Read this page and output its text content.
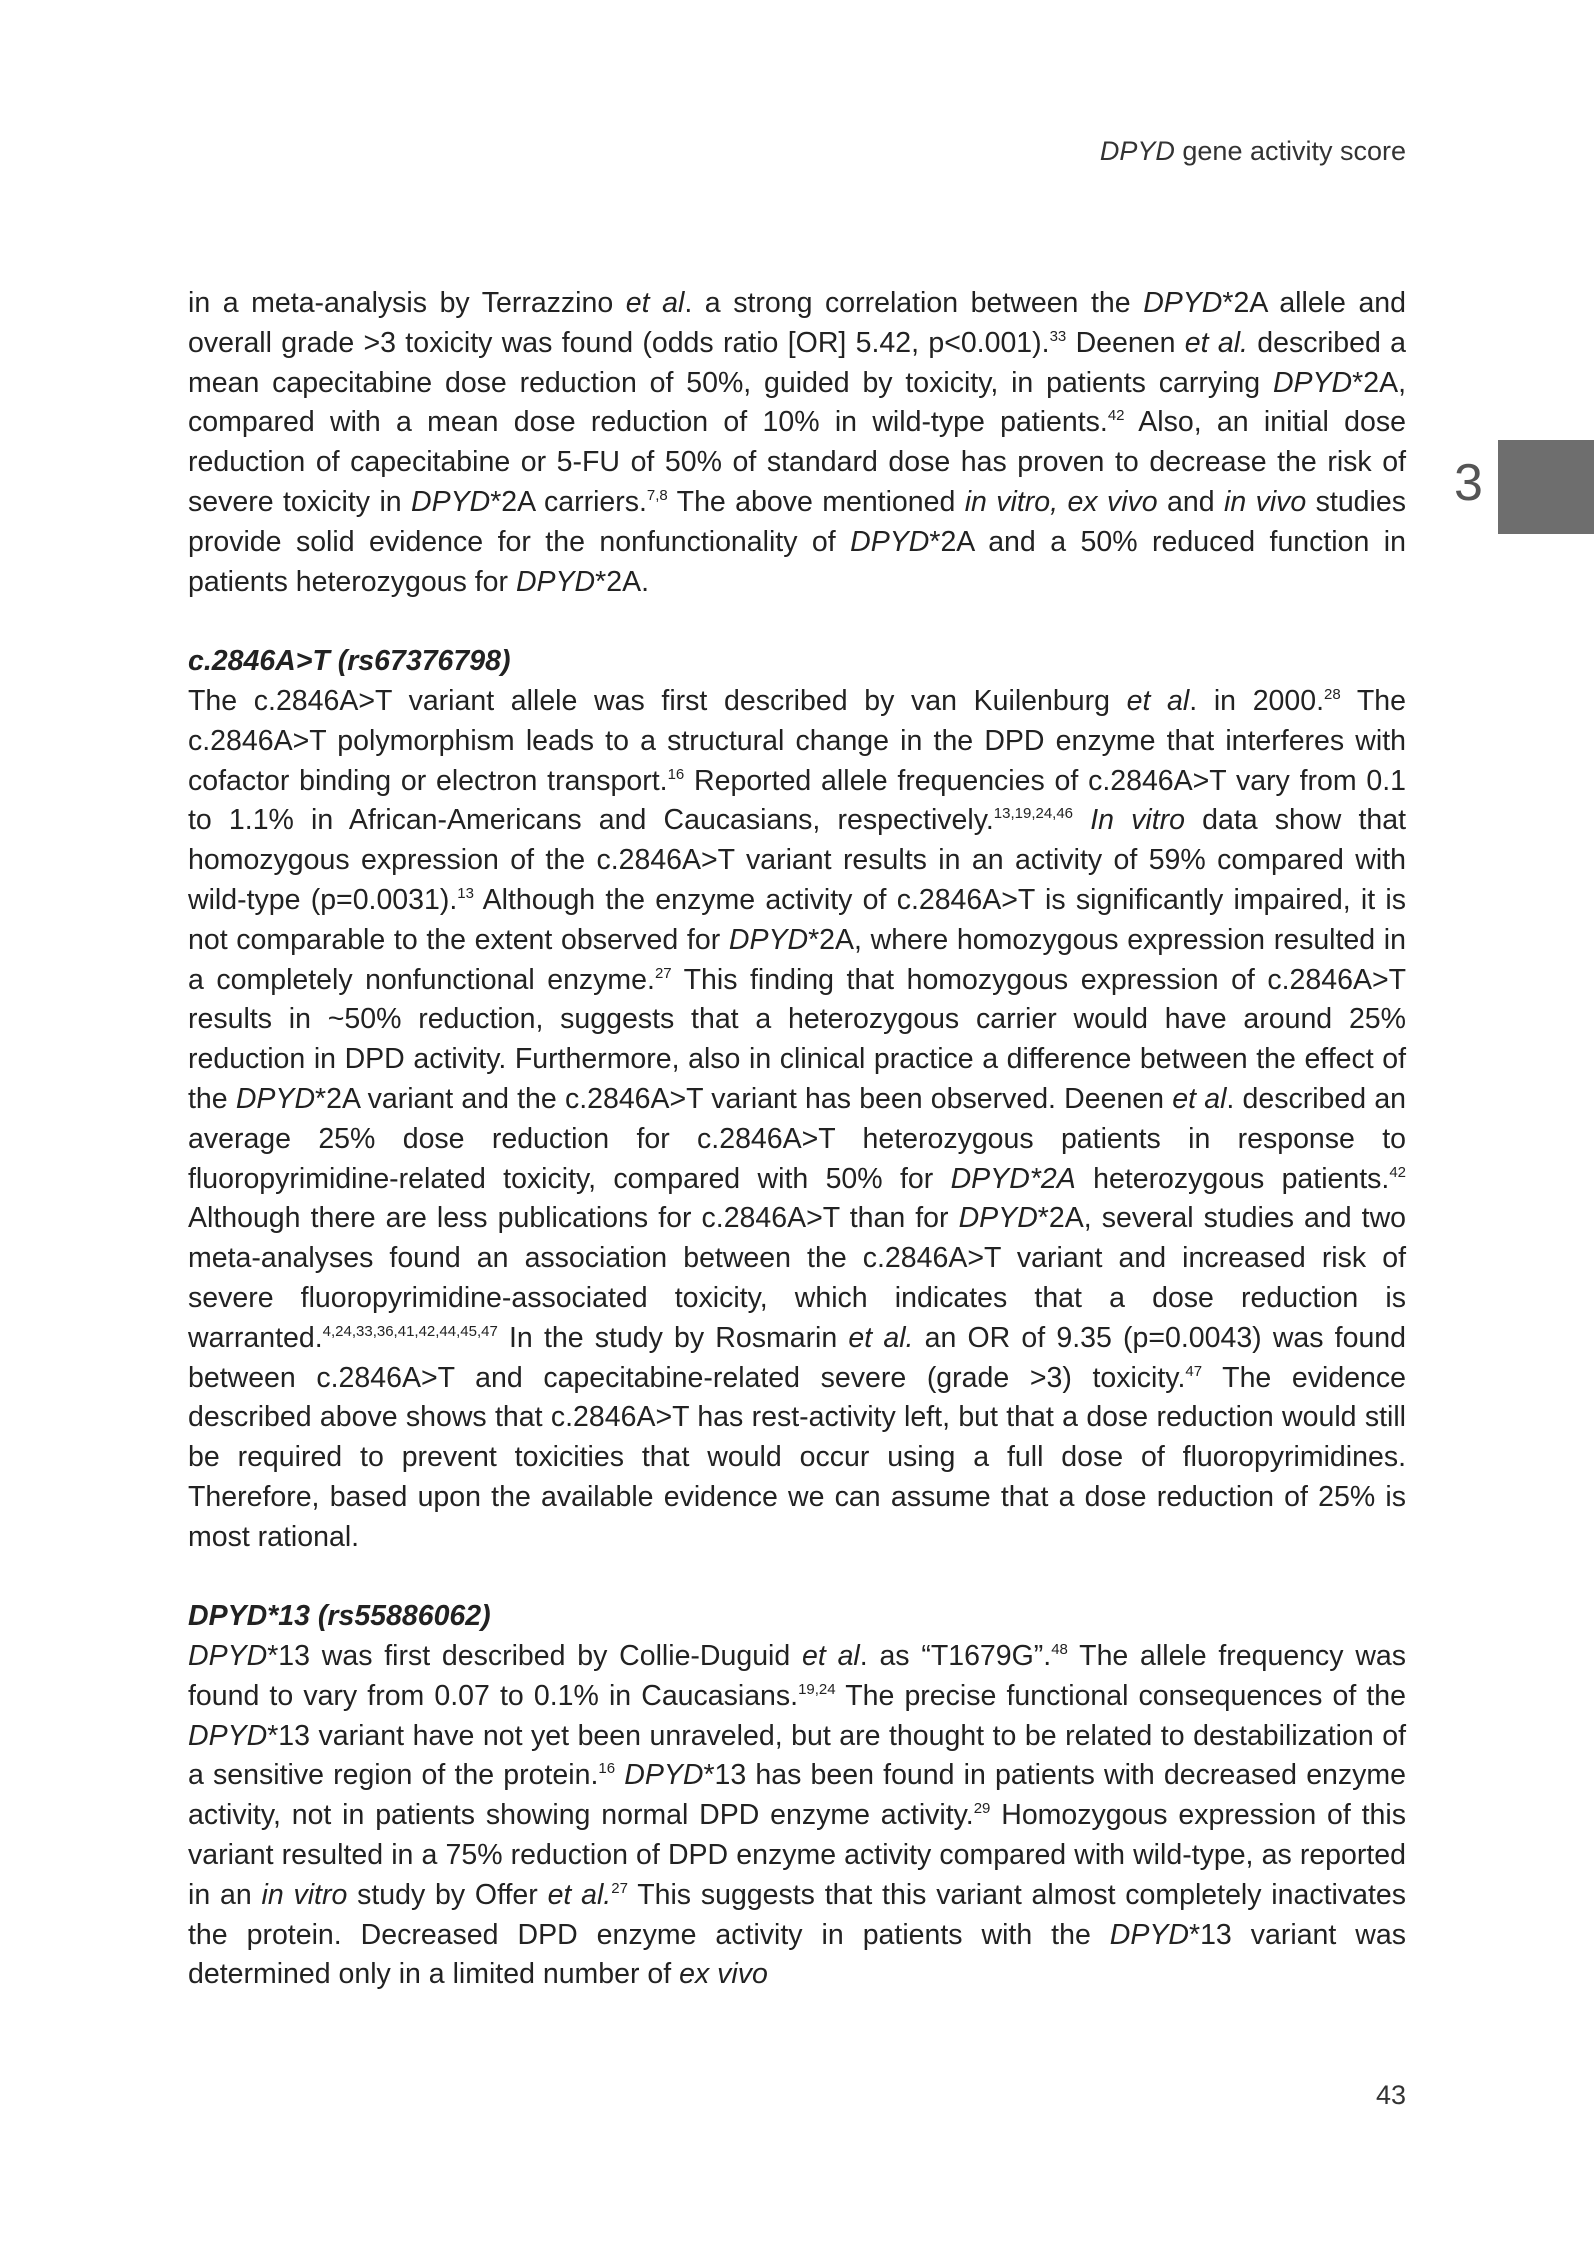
DPYD gene activity score
3

in a meta-analysis by Terrazzino et al. a strong correlation between the DPYD*2A allele and overall grade >3 toxicity was found (odds ratio [OR] 5.42, p<0.001).$^{33}$ Deenen et al. described a mean capecitabine dose reduction of 50%, guided by toxicity, in patients carrying DPYD*2A, compared with a mean dose reduction of 10% in wild-type patients.$^{42}$ Also, an initial dose reduction of capecitabine or 5-FU of 50% of standard dose has proven to decrease the risk of severe toxicity in DPYD*2A carriers.$^{7,8}$ The above mentioned in vitro, ex vivo and in vivo studies provide solid evidence for the nonfunctionality of DPYD*2A and a 50% reduced function in patients heterozygous for DPYD*2A.

c.2846A>T (rs67376798)

The c.2846A>T variant allele was first described by van Kuilenburg et al. in 2000.28 The c.2846A>T polymorphism leads to a structural change in the DPD enzyme that interferes with cofactor binding or electron transport.$^{16}$ Reported allele frequencies of c.2846A>T vary from 0.1 to 1.1% in African-Americans and Caucasians, respectively.$^{13,19,24,46}$ In vitro data show that homozygous expression of the c.2846A>T variant results in an activity of 59% compared with wild-type (p=0.0031).$^{13}$ Although the enzyme activity of c.2846A>T is significantly impaired, it is not comparable to the extent observed for DPYD*2A, where homozygous expression resulted in a completely nonfunctional enzyme.$^{27}$ This finding that homozygous expression of c.2846A>T results in ~50% reduction, suggests that a heterozygous carrier would have around 25% reduction in DPD activity. Furthermore, also in clinical practice a difference between the effect of the DPYD*2A variant and the c.2846A>T variant has been observed. Deenen et al. described an average 25% dose reduction for c.2846A>T heterozygous patients in response to fluoropyrimidine-related toxicity, compared with 50% for DPYD*2A heterozygous patients.$^{42}$ Although there are less publications for c.2846A>T than for DPYD*2A, several studies and two meta-analyses found an association between the c.2846A>T variant and increased risk of severe fluoropyrimidine-associated toxicity, which indicates that a dose reduction is warranted.$^{4,24,33,36,41,42,44,45,47}$ In the study by Rosmarin et al. an OR of 9.35 (p=0.0043) was found between c.2846A>T and capecitabine-related severe (grade >3) toxicity.$^{47}$ The evidence described above shows that c.2846A>T has rest-activity left, but that a dose reduction would still be required to prevent toxicities that would occur using a full dose of fluoropyrimidines. Therefore, based upon the available evidence we can assume that a dose reduction of 25% is most rational.

DPYD*13 (rs55886062)

DPYD*13 was first described by Collie-Duguid et al. as “T1679G”.$^{48}$ The allele frequency was found to vary from 0.07 to 0.1% in Caucasians.$^{19,24}$ The precise functional consequences of the DPYD*13 variant have not yet been unraveled, but are thought to be related to destabilization of a sensitive region of the protein.$^{16}$ DPYD*13 has been found in patients with decreased enzyme activity, not in patients showing normal DPD enzyme activity.$^{29}$ Homozygous expression of this variant resulted in a 75% reduction of DPD enzyme activity compared with wild-type, as reported in an in vitro study by Offer et al.$^{27}$ This suggests that this variant almost completely inactivates the protein. Decreased DPD enzyme activity in patients with the DPYD*13 variant was determined only in a limited number of ex vivo

43
